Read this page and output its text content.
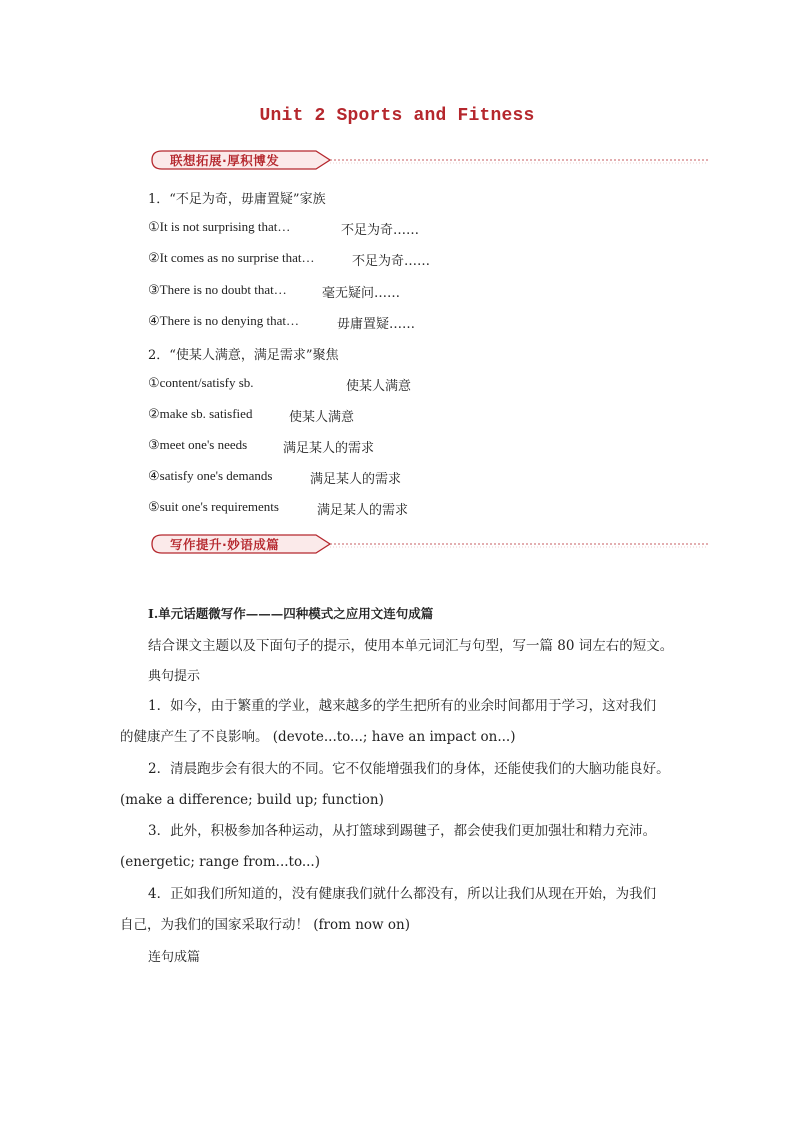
Unit 2 Sports and Fitness
联想拓展·厚积博发
1．“不足为奇，毋庸置疑”家族
①It is not surprising that…	不足为奇……
②It comes as no surprise that…	不足为奇……
③There is no doubt that…	毫无疑问……
④There is no denying that…	毋庸置疑……
2．“使某人满意，满足需求”聚焦
①content/satisfy sb.	使某人满意
②make sb. satisfied	使某人满意
③meet one's needs	满足某人的需求
④satisfy one's demands	满足某人的需求
⑤suit one's requirements	满足某人的需求
写作提升·妙语成篇
Ⅰ.单元话题微写作———四种模式之应用文连句成篇
结合课文主题以及下面句子的提示，使用本单元词汇与句型，写一篇 80 词左右的短文。
典句提示
1．如今，由于繁重的学业，越来越多的学生把所有的业余时间都用于学习，这对我们
的健康产生了不良影响。 (devote...to...; have an impact on...)
2．清晨跑步会有很大的不同。它不仅能增强我们的身体，还能使我们的大脑功能良好。
(make a difference; build up; function)
3．此外，积极参加各种运动，从打篮球到踢毽子，都会使我们更加强壮和精力充沛。
(energetic; range from...to...)
4．正如我们所知道的，没有健康我们就什么都没有，所以让我们从现在开始，为我们
自己，为我们的国家采取行动！ (from now on)
连句成篇
